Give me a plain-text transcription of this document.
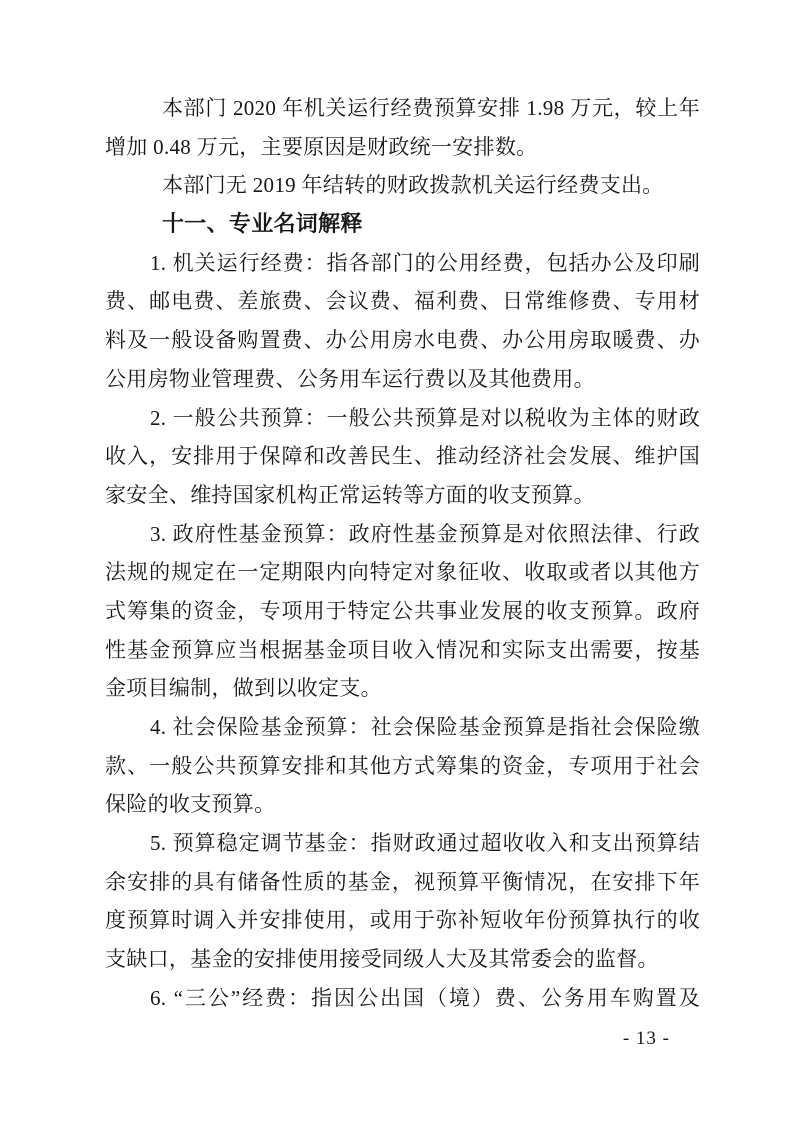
本部门 2020 年机关运行经费预算安排 1.98 万元，较上年
增加 0.48 万元，主要原因是财政统一安排数。
本部门无 2019 年结转的财政拨款机关运行经费支出。
十一、专业名词解释
1. 机关运行经费：指各部门的公用经费，包括办公及印刷
费、邮电费、差旅费、会议费、福利费、日常维修费、专用材
料及一般设备购置费、办公用房水电费、办公用房取暖费、办
公用房物业管理费、公务用车运行费以及其他费用。
2. 一般公共预算：一般公共预算是对以税收为主体的财政
收入，安排用于保障和改善民生、推动经济社会发展、维护国
家安全、维持国家机构正常运转等方面的收支预算。
3. 政府性基金预算：政府性基金预算是对依照法律、行政
法规的规定在一定期限内向特定对象征收、收取或者以其他方
式筹集的资金，专项用于特定公共事业发展的收支预算。政府
性基金预算应当根据基金项目收入情况和实际支出需要，按基
金项目编制，做到以收定支。
4. 社会保险基金预算：社会保险基金预算是指社会保险缴
款、一般公共预算安排和其他方式筹集的资金，专项用于社会
保险的收支预算。
5. 预算稳定调节基金：指财政通过超收收入和支出预算结
余安排的具有储备性质的基金，视预算平衡情况，在安排下年
度预算时调入并安排使用，或用于弥补短收年份预算执行的收
支缺口，基金的安排使用接受同级人大及其常委会的监督。
6. “三公”经费：指因公出国（境）费、公务用车购置及
- 13 -
